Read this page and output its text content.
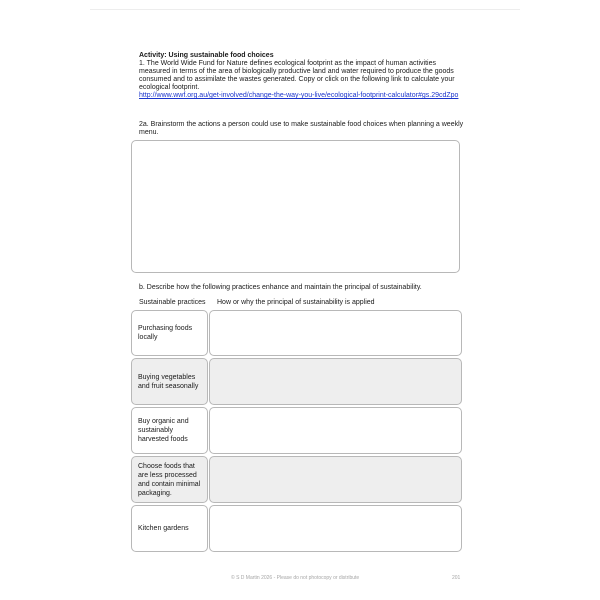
Activity: Using sustainable food choices
1. The World Wide Fund for Nature defines ecological footprint as the impact of human activities measured in terms of the area of biologically productive land and water required to produce the goods consumed and to assimilate the wastes generated. Copy or click on the following link to calculate your ecological footprint.
http://www.wwf.org.au/get-involved/change-the-way-you-live/ecological-footprint-calculator#gs.29cdZpo
2a. Brainstorm the actions a person could use to make sustainable food choices when planning a weekly menu.
b. Describe how the following practices enhance and maintain the principal of sustainability.
Sustainable practices How or why the principal of sustainability is applied
Purchasing foods locally
Buying vegetables and fruit seasonally
Buy organic and sustainably harvested foods
Choose foods that are less processed and contain minimal packaging.
Kitchen gardens
© S D Martin 2026 - Please do not photocopy or distribute	201
